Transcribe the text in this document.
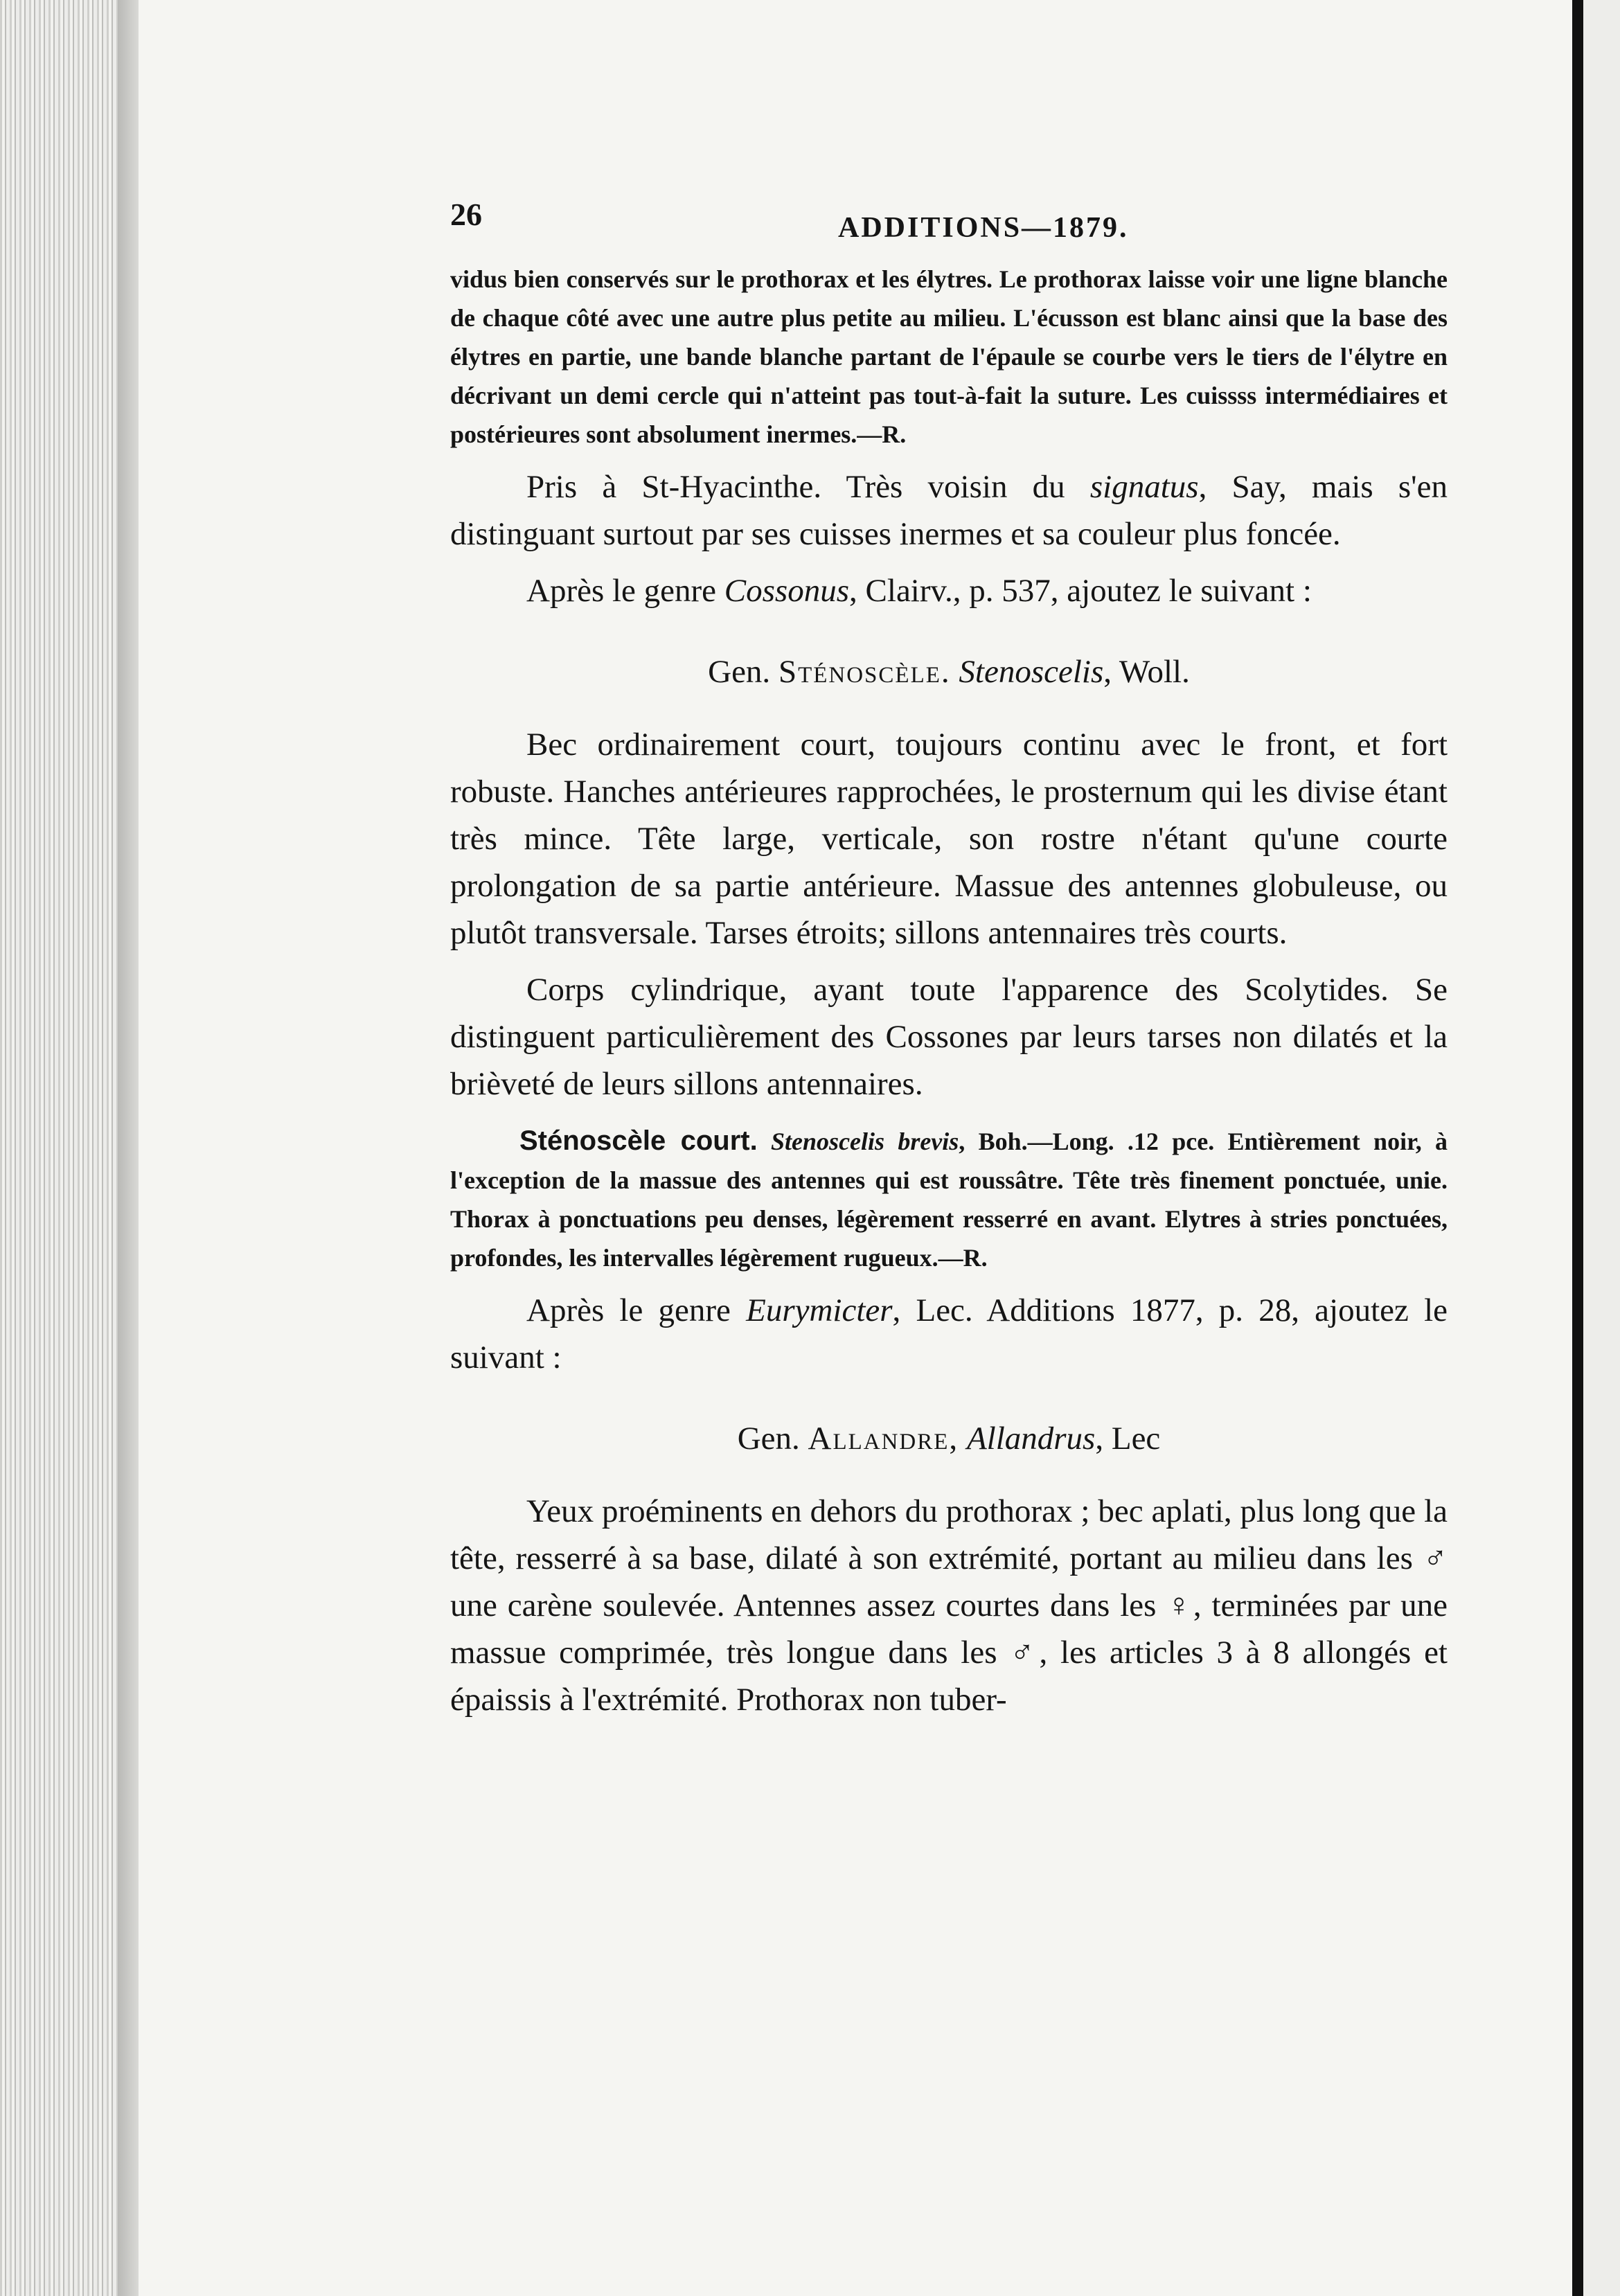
26	ADDITIONS—1879.

vidus bien conservés sur le prothorax et les élytres. Le prothorax laisse voir une ligne blanche de chaque côté avec une autre plus petite au milieu. L'écusson est blanc ainsi que la base des élytres en partie, une bande blanche partant de l'épaule se courbe vers le tiers de l'élytre en décrivant un demi cercle qui n'atteint pas tout-à-fait la suture. Les cuissss intermédiaires et postérieures sont absolument inermes.—R.

Pris à St-Hyacinthe. Très voisin du signatus, Say, mais s'en distinguant surtout par ses cuisses inermes et sa couleur plus foncée.

Après le genre Cossonus, Clairv., p. 537, ajoutez le suivant :

Gen. Sténoscèle. Stenoscelis, Woll.

Bec ordinairement court, toujours continu avec le front, et fort robuste. Hanches antérieures rapprochées, le prosternum qui les divise étant très mince. Tête large, verticale, son rostre n'étant qu'une courte prolongation de sa partie antérieure. Massue des antennes globuleuse, ou plutôt transversale. Tarses étroits; sillons antennaires très courts.

Corps cylindrique, ayant toute l'apparence des Scolytides. Se distinguent particulièrement des Cossones par leurs tarses non dilatés et la brièveté de leurs sillons antennaires.

Sténoscèle court. Stenoscelis brevis, Boh.—Long. .12 pce. Entièrement noir, à l'exception de la massue des antennes qui est roussâtre. Tête très finement ponctuée, unie. Thorax à ponctuations peu denses, légèrement resserré en avant. Elytres à stries ponctuées, profondes, les intervalles légèrement rugueux.—R.

Après le genre Eurymicter, Lec. Additions 1877, p. 28, ajoutez le suivant :

Gen. Allandre, Allandrus, Lec

Yeux proéminents en dehors du prothorax ; bec aplati, plus long que la tête, resserré à sa base, dilaté à son extrémité, portant au milieu dans les ♂ une carène soulevée. Antennes assez courtes dans les ♀, terminées par une massue comprimée, très longue dans les ♂, les articles 3 à 8 allongés et épaissis à l'extrémité. Prothorax non tuber-
